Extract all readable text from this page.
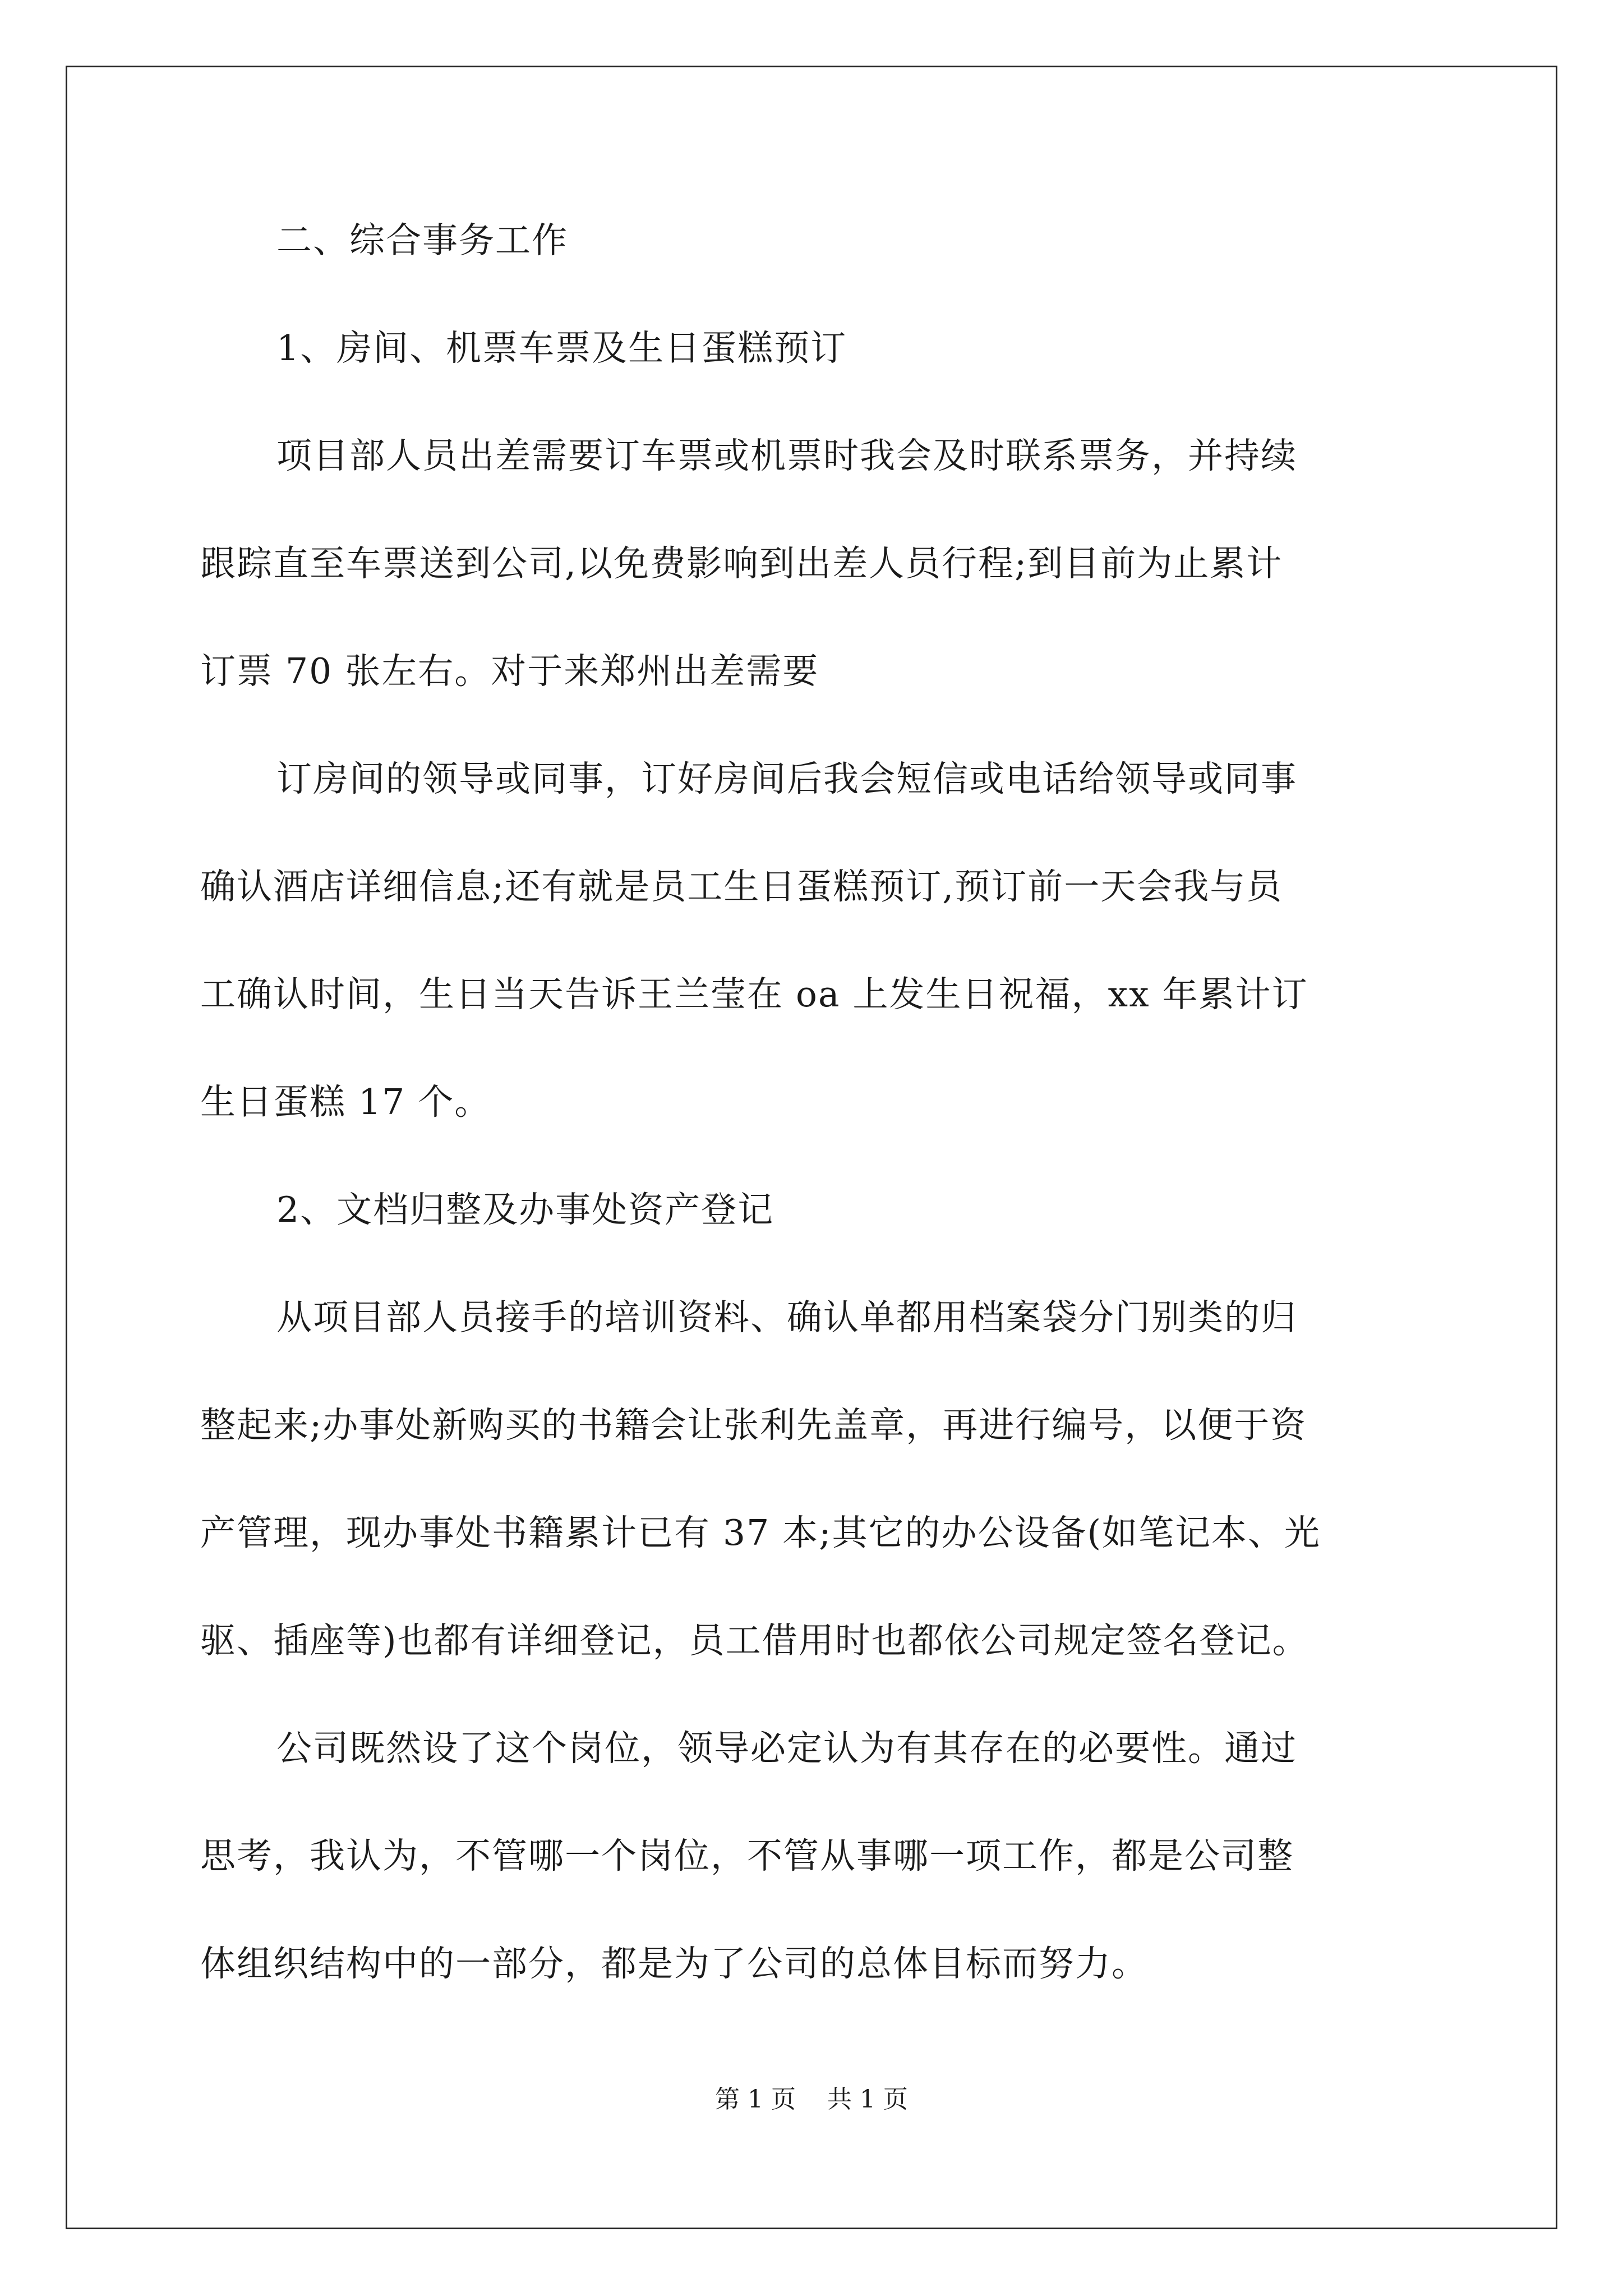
二、综合事务工作
1、房间、机票车票及生日蛋糕预订
项目部人员出差需要订车票或机票时我会及时联系票务，并持续
跟踪直至车票送到公司,以免费影响到出差人员行程;到目前为止累计
订票 70 张左右。对于来郑州出差需要
订房间的领导或同事，订好房间后我会短信或电话给领导或同事
确认酒店详细信息;还有就是员工生日蛋糕预订,预订前一天会我与员
工确认时间，生日当天告诉王兰莹在 oa 上发生日祝福，xx 年累计订
生日蛋糕 17 个。
2、文档归整及办事处资产登记
从项目部人员接手的培训资料、确认单都用档案袋分门别类的归
整起来;办事处新购买的书籍会让张利先盖章，再进行编号，以便于资
产管理，现办事处书籍累计已有 37 本;其它的办公设备(如笔记本、光
驱、插座等)也都有详细登记，员工借用时也都依公司规定签名登记。
公司既然设了这个岗位，领导必定认为有其存在的必要性。通过
思考，我认为，不管哪一个岗位，不管从事哪一项工作，都是公司整
体组织结构中的一部分，都是为了公司的总体目标而努力。
第 1 页    共 1 页
